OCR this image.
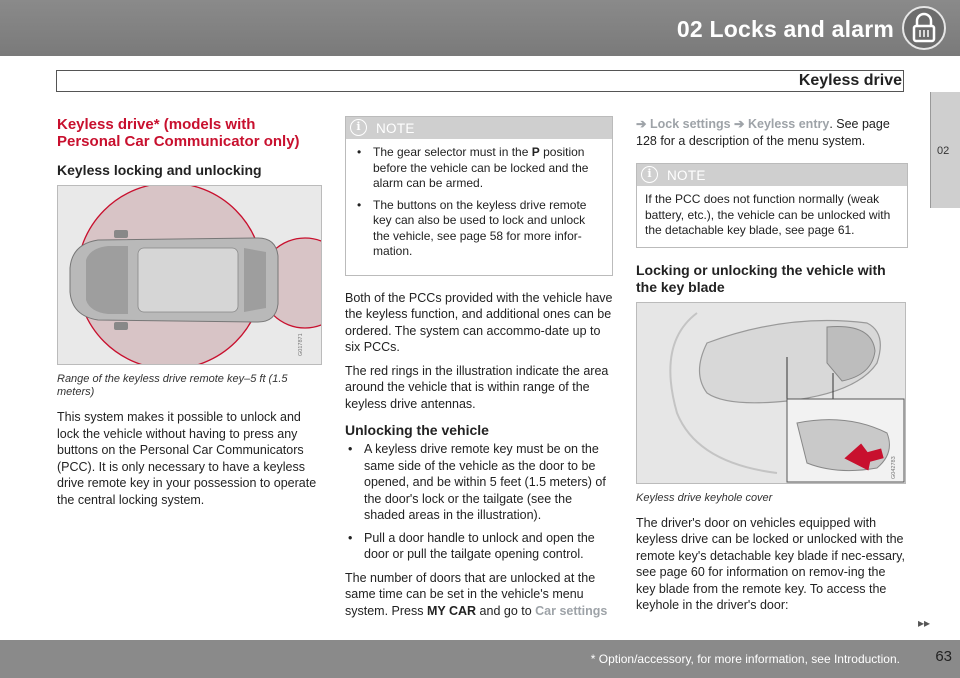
02 Locks and alarm
Keyless drive
02

Keyless drive* (models with Personal Car Communicator only)

Keyless locking and unlocking

G017871

Range of the keyless drive remote key–5 ft (1.5 meters)

This system makes it possible to unlock and lock the vehicle without having to press any buttons on the Personal Car Communicators (PCC). It is only necessary to have a keyless drive remote key in your possession to operate the central locking system.

i	NOTE
• The gear selector must in the P position before the vehicle can be locked and the alarm can be armed.
• The buttons on the keyless drive remote key can also be used to lock and unlock the vehicle, see page 58 for more infor-mation.

Both of the PCCs provided with the vehicle have the keyless function, and additional ones can be ordered. The system can accommo-date up to six PCCs.

The red rings in the illustration indicate the area around the vehicle that is within range of the keyless drive antennas.

Unlocking the vehicle

• A keyless drive remote key must be on the same side of the vehicle as the door to be opened, and be within 5 feet (1.5 meters) of the door's lock or the tailgate (see the shaded areas in the illustration).
• Pull a door handle to unlock and open the door or pull the tailgate opening control.

The number of doors that are unlocked at the same time can be set in the vehicle's menu system. Press MY CAR and go to Car settings

➔ Lock settings ➔ Keyless entry. See page 128 for a description of the menu system.

i	NOTE
If the PCC does not function normally (weak battery, etc.), the vehicle can be unlocked with the detachable key blade, see page 61.

Locking or unlocking the vehicle with the key blade

G042783

Keyless drive keyhole cover

The driver's door on vehicles equipped with keyless drive can be locked or unlocked with the remote key's detachable key blade if nec-essary, see page 60 for information on remov-ing the key blade from the remote key. To access the keyhole in the driver's door:

▸▸
* Option/accessory, for more information, see Introduction. 63
